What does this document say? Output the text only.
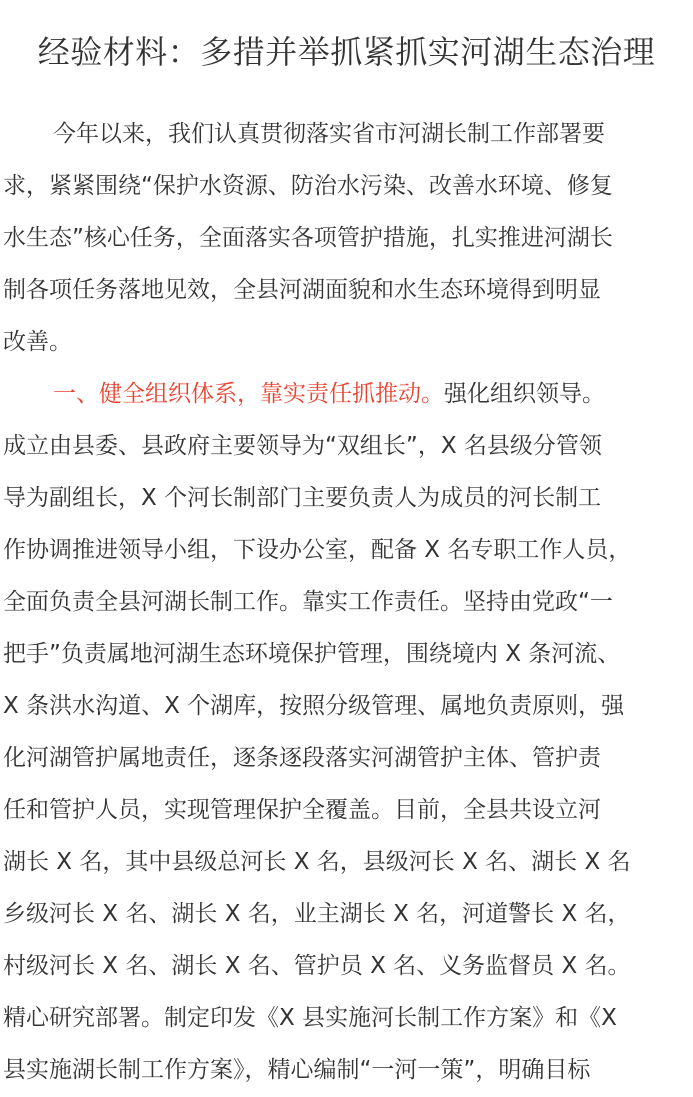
经验材料：多措并举抓紧抓实河湖生态治理
今年以来，我们认真贯彻落实省市河湖长制工作部署要
求，紧紧围绕“保护水资源、防治水污染、改善水环境、修复
水生态”核心任务，全面落实各项管护措施，扎实推进河湖长
制各项任务落地见效，全县河湖面貌和水生态环境得到明显
改善。
一、健全组织体系，靠实责任抓推动。强化组织领导。
成立由县委、县政府主要领导为“双组长”，X 名县级分管领
导为副组长，X 个河长制部门主要负责人为成员的河长制工
作协调推进领导小组，下设办公室，配备 X 名专职工作人员，
全面负责全县河湖长制工作。靠实工作责任。坚持由党政“一
把手”负责属地河湖生态环境保护管理，围绕境内 X 条河流、
X 条洪水沟道、X 个湖库，按照分级管理、属地负责原则，强
化河湖管护属地责任，逐条逐段落实河湖管护主体、管护责
任和管护人员，实现管理保护全覆盖。目前，全县共设立河
湖长 X 名，其中县级总河长 X 名，县级河长 X 名、湖长 X 名
乡级河长 X 名、湖长 X 名，业主湖长 X 名，河道警长 X 名，
村级河长 X 名、湖长 X 名、管护员 X 名、义务监督员 X 名。
精心研究部署。制定印发《X 县实施河长制工作方案》和《X
县实施湖长制工作方案》，精心编制“一河一策”，明确目标
